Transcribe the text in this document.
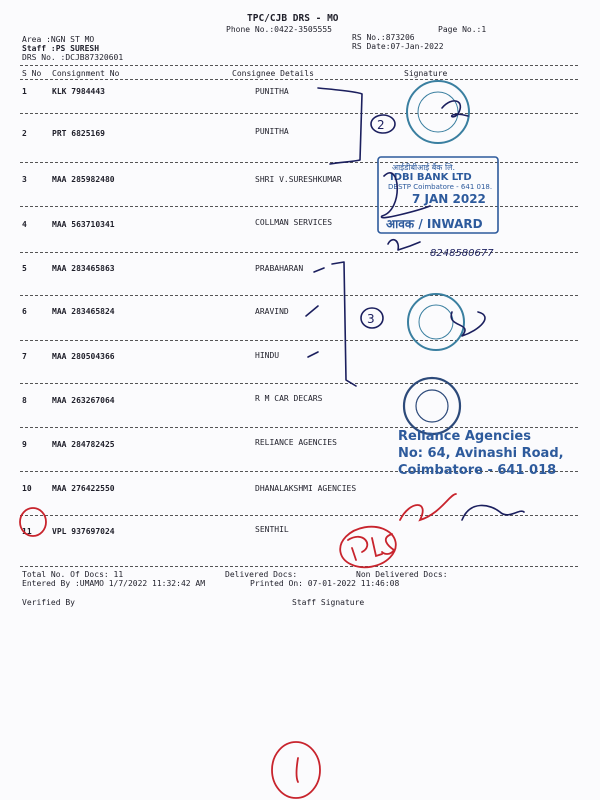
TPC/CJB DRS - MO
Phone No.:0422-3505555	Page No.:1
Area :NGN ST MO
Staff :PS SURESH
DRS No. :DCJB87320601
RS No.:873206
RS Date:07-Jan-2022
S No Consignment No	Consignee Details	Signature
1	KLK 7984443	PUNITHA
2	PRT 6825169	PUNITHA
3	MAA 285982480	SHRI V.SURESHKUMAR
4	MAA 563710341	COLLMAN SERVICES
5	MAA 283465863	PRABAHARAN
6	MAA 283465824	ARAVIND
7	MAA 280504366	HINDU
8	MAA 263267064	R M CAR DECARS
9	MAA 284782425	RELIANCE AGENCIES
10	MAA 276422550	DHANALAKSHMI AGENCIES
11	VPL 937697024	SENTHIL
Total No. Of Docs: 11	Delivered Docs:	Non Delivered Docs:
Entered By :UMAMO 1/7/2022 11:32:42 AM	Printed On: 07-01-2022 11:46:08
Verified By	Staff Signature
2
3
आईडीबीआई बैंक लि.
IDBI BANK LTD
DBSTP Coimbatore - 641 018.
7 JAN 2022
आवक / INWARD
8248580677
Reliance Agencies
No: 64, Avinashi Road,
Coimbatore - 641 018
